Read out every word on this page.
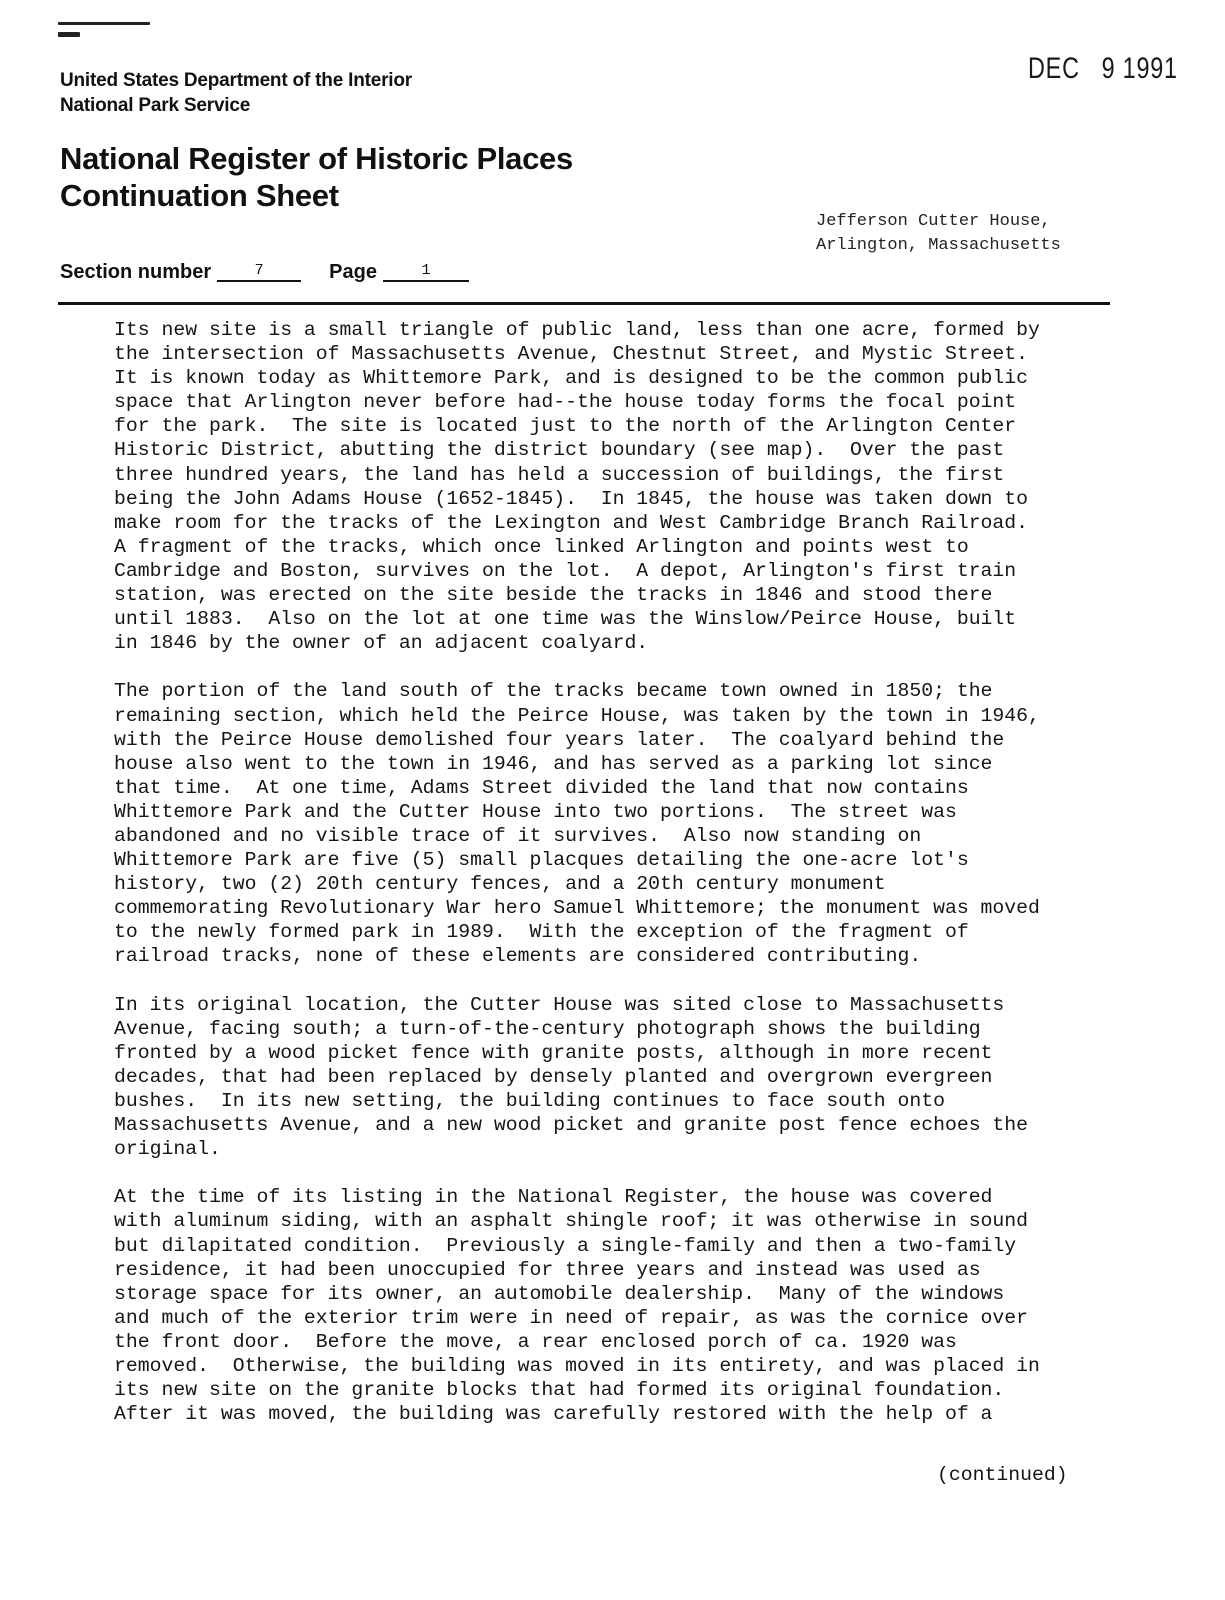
United States Department of the Interior
National Park Service
DEC   9 1991
National Register of Historic Places
Continuation Sheet
Jefferson Cutter House,
Arlington, Massachusetts
Section number	7	Page	1

Its new site is a small triangle of public land, less than one acre, formed by
the intersection of Massachusetts Avenue, Chestnut Street, and Mystic Street.
It is known today as Whittemore Park, and is designed to be the common public
space that Arlington never before had--the house today forms the focal point
for the park.  The site is located just to the north of the Arlington Center
Historic District, abutting the district boundary (see map).  Over the past
three hundred years, the land has held a succession of buildings, the first
being the John Adams House (1652-1845).  In 1845, the house was taken down to
make room for the tracks of the Lexington and West Cambridge Branch Railroad.
A fragment of the tracks, which once linked Arlington and points west to
Cambridge and Boston, survives on the lot.  A depot, Arlington's first train
station, was erected on the site beside the tracks in 1846 and stood there
until 1883.  Also on the lot at one time was the Winslow/Peirce House, built
in 1846 by the owner of an adjacent coalyard.

The portion of the land south of the tracks became town owned in 1850; the
remaining section, which held the Peirce House, was taken by the town in 1946,
with the Peirce House demolished four years later.  The coalyard behind the
house also went to the town in 1946, and has served as a parking lot since
that time.  At one time, Adams Street divided the land that now contains
Whittemore Park and the Cutter House into two portions.  The street was
abandoned and no visible trace of it survives.  Also now standing on
Whittemore Park are five (5) small placques detailing the one-acre lot's
history, two (2) 20th century fences, and a 20th century monument
commemorating Revolutionary War hero Samuel Whittemore; the monument was moved
to the newly formed park in 1989.  With the exception of the fragment of
railroad tracks, none of these elements are considered contributing.

In its original location, the Cutter House was sited close to Massachusetts
Avenue, facing south; a turn-of-the-century photograph shows the building
fronted by a wood picket fence with granite posts, although in more recent
decades, that had been replaced by densely planted and overgrown evergreen
bushes.  In its new setting, the building continues to face south onto
Massachusetts Avenue, and a new wood picket and granite post fence echoes the
original.

At the time of its listing in the National Register, the house was covered
with aluminum siding, with an asphalt shingle roof; it was otherwise in sound
but dilapitated condition.  Previously a single-family and then a two-family
residence, it had been unoccupied for three years and instead was used as
storage space for its owner, an automobile dealership.  Many of the windows
and much of the exterior trim were in need of repair, as was the cornice over
the front door.  Before the move, a rear enclosed porch of ca. 1920 was
removed.  Otherwise, the building was moved in its entirety, and was placed in
its new site on the granite blocks that had formed its original foundation.
After it was moved, the building was carefully restored with the help of a

(continued)
